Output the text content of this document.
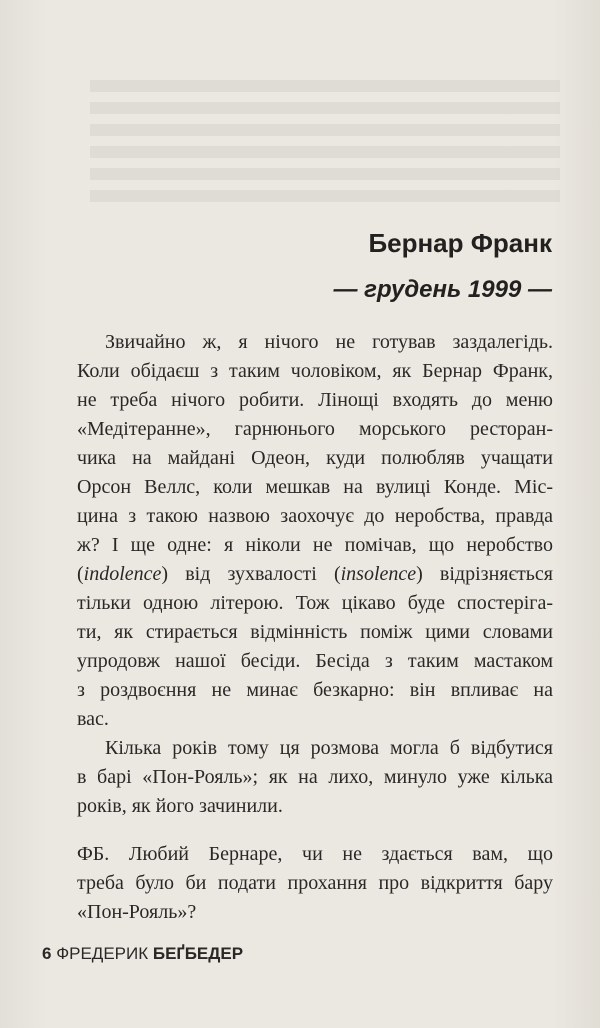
Бернар Франк
— грудень 1999 —
Звичайно ж, я нічого не готував заздалегідь.
Коли обідаєш з таким чоловіком, як Бернар Франк,
не треба нічого робити. Лінощі входять до меню
«Медітеранне», гарнюнього морського ресторан-
чика на майдані Одеон, куди полюбляв учащати
Орсон Веллс, коли мешкав на вулиці Конде. Міс-
цина з такою назвою заохочує до неробства, правда
ж? І ще одне: я ніколи не помічав, що неробство
(indolence) від зухвалості (insolence) відрізняється
тільки одною літерою. Тож цікаво буде спостеріга-
ти, як стирається відмінність поміж цими словами
упродовж нашої бесіди. Бесіда з таким мастаком
з роздвоєння не минає безкарно: він впливає на
вас.
Кілька років тому ця розмова могла б відбутися
в барі «Пон-Рояль»; як на лихо, минуло уже кілька
років, як його зачинили.
ФБ. Любий Бернаре, чи не здається вам, що
треба було би подати прохання про відкриття бару
«Пон-Рояль»?
6 ФРЕДЕРИК БЕҐБЕДЕР
